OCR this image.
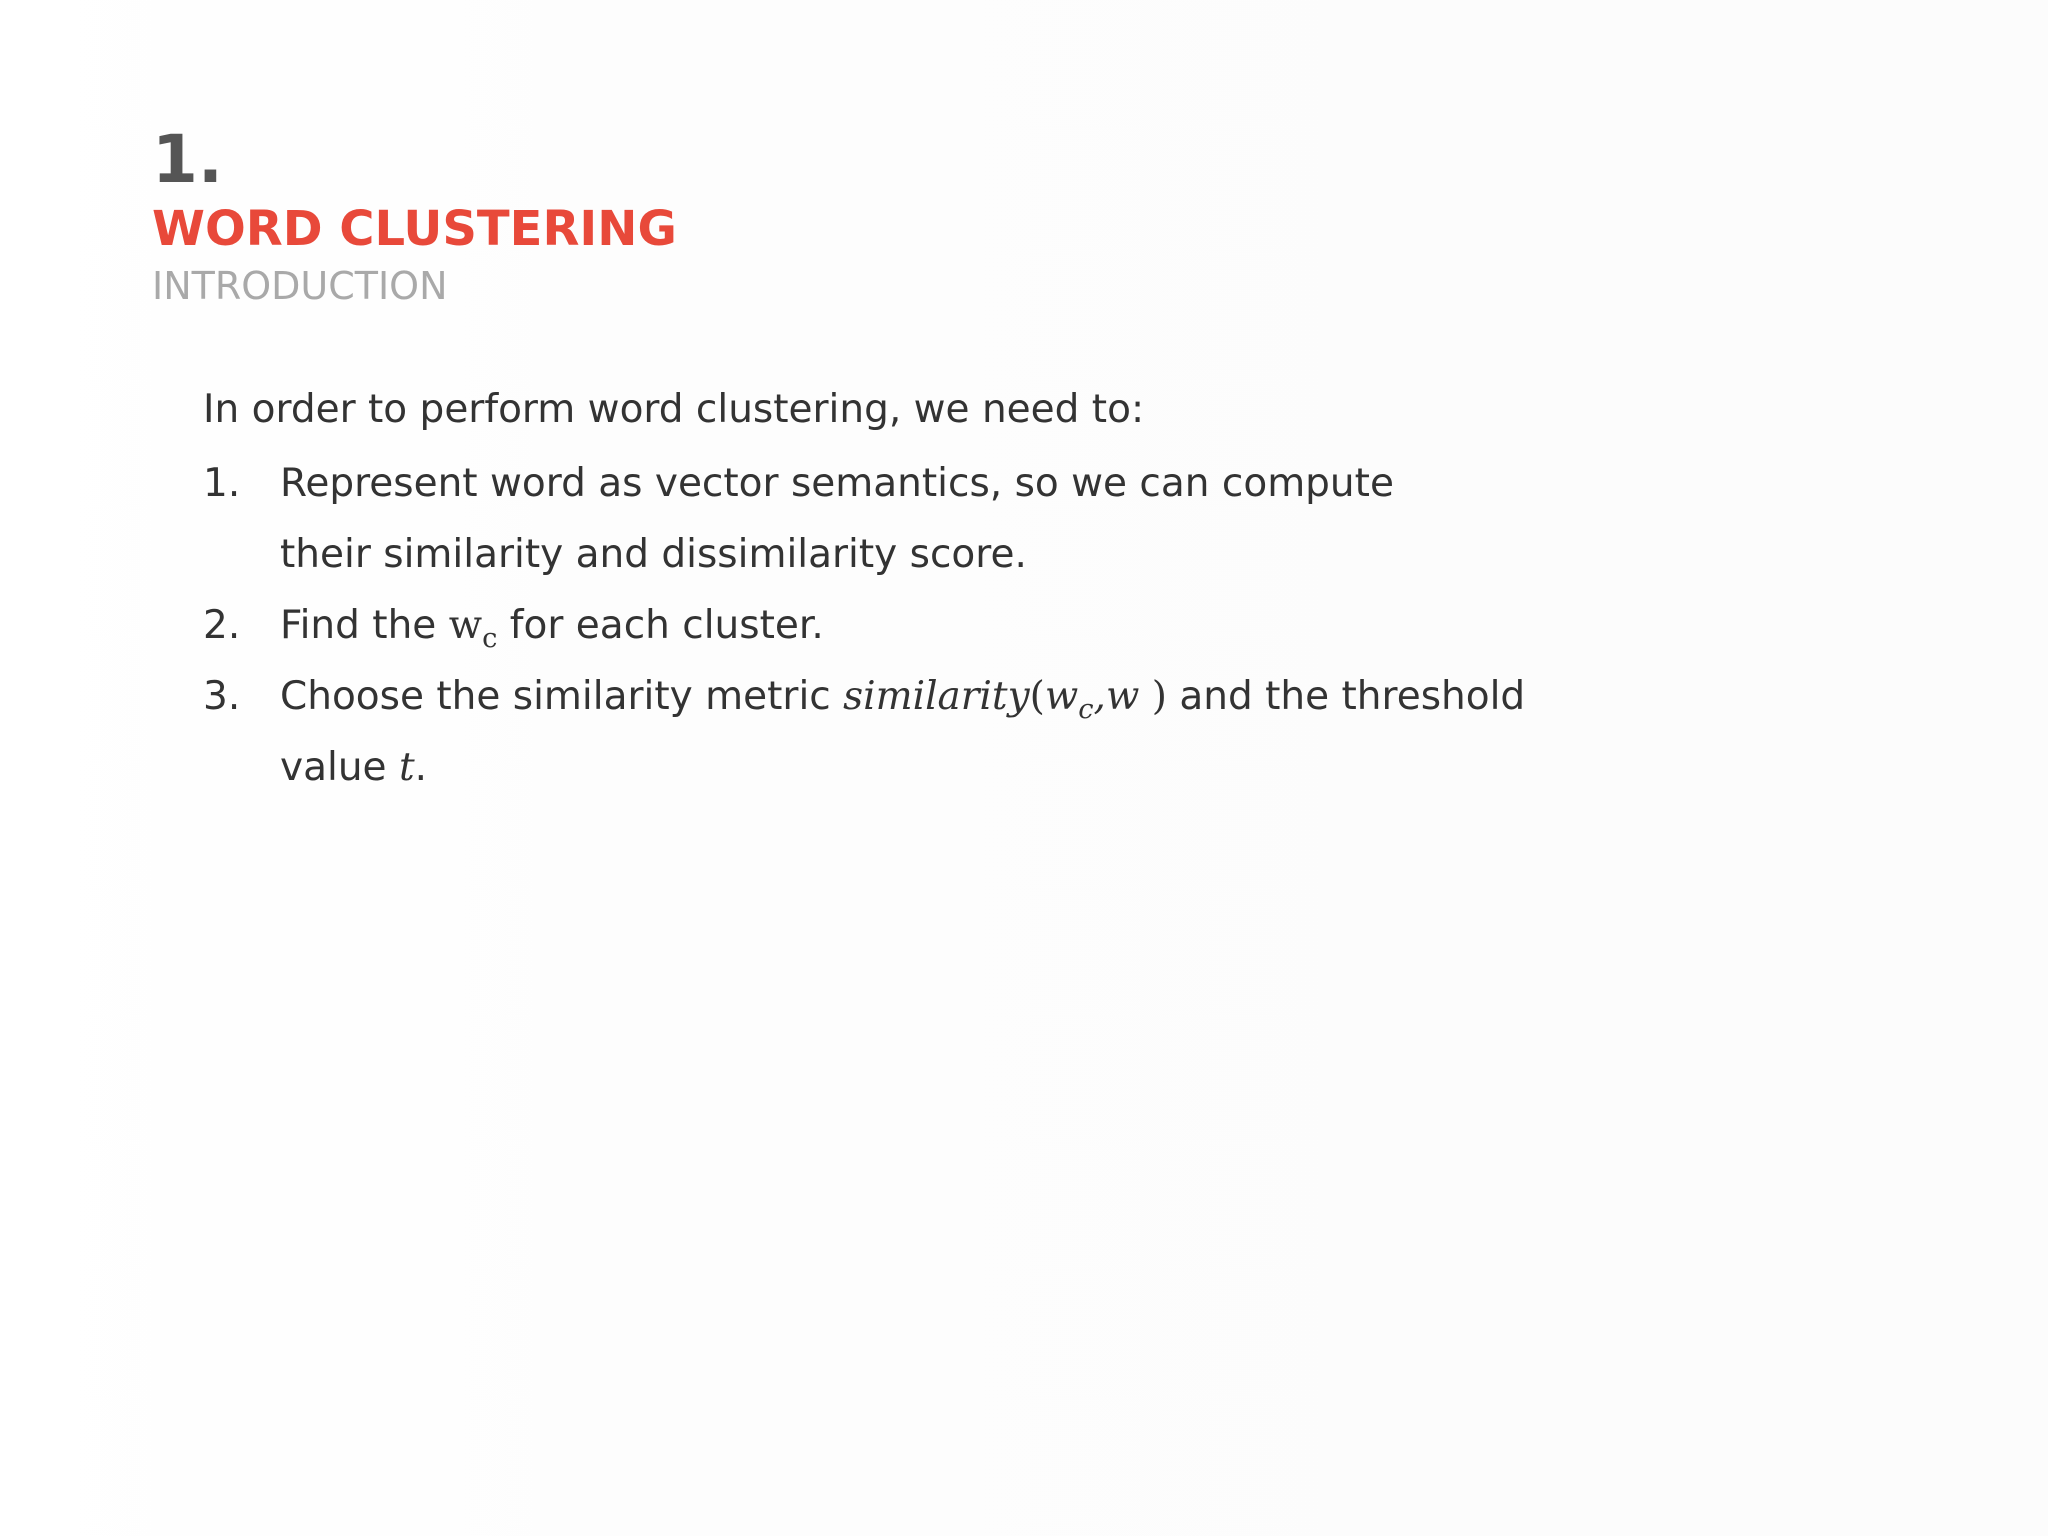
1.
WORD CLUSTERING
INTRODUCTION
In order to perform word clustering, we need to:
1. Represent word as vector semantics, so we can compute their similarity and dissimilarity score.
2. Find the $w_c$ for each cluster.
3. Choose the similarity metric $similarity(w_c,w$ ) and the threshold value t.
